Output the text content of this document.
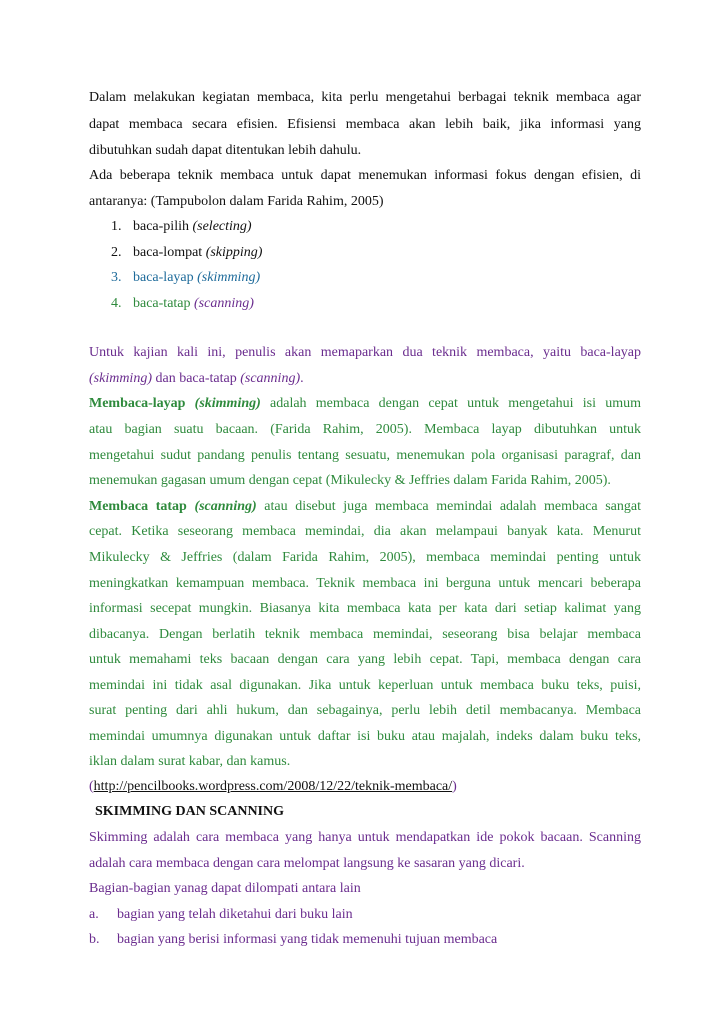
Dalam melakukan kegiatan membaca, kita perlu mengetahui berbagai teknik membaca agar
dapat membaca secara efisien. Efisiensi membaca akan lebih baik, jika informasi yang
dibutuhkan sudah dapat ditentukan lebih dahulu.
Ada beberapa teknik membaca untuk dapat menemukan informasi fokus dengan efisien, di
antaranya: (Tampubolon dalam Farida Rahim, 2005)
1. baca-pilih (selecting)
2. baca-lompat (skipping)
3. baca-layap (skimming)
4. baca-tatap (scanning)
Untuk kajian kali ini, penulis akan memaparkan dua teknik membaca, yaitu baca-layap
(skimming) dan baca-tatap (scanning).
Membaca-layap (skimming) adalah membaca dengan cepat untuk mengetahui isi umum
atau bagian suatu bacaan. (Farida Rahim, 2005). Membaca layap dibutuhkan untuk
mengetahui sudut pandang penulis tentang sesuatu, menemukan pola organisasi paragraf, dan
menemukan gagasan umum dengan cepat (Mikulecky & Jeffries dalam Farida Rahim, 2005).
Membaca tatap (scanning) atau disebut juga membaca memindai adalah membaca sangat
cepat. Ketika seseorang membaca memindai, dia akan melampaui banyak kata. Menurut
Mikulecky & Jeffries (dalam Farida Rahim, 2005), membaca memindai penting untuk
meningkatkan kemampuan membaca. Teknik membaca ini berguna untuk mencari beberapa
informasi secepat mungkin. Biasanya kita membaca kata per kata dari setiap kalimat yang
dibacanya. Dengan berlatih teknik membaca memindai, seseorang bisa belajar membaca
untuk memahami teks bacaan dengan cara yang lebih cepat. Tapi, membaca dengan cara
memindai ini tidak asal digunakan. Jika untuk keperluan untuk membaca buku teks, puisi,
surat penting dari ahli hukum, dan sebagainya, perlu lebih detil membacanya. Membaca
memindai umumnya digunakan untuk daftar isi buku atau majalah, indeks dalam buku teks,
iklan dalam surat kabar, dan kamus.
(http://pencilbooks.wordpress.com/2008/12/22/teknik-membaca/)
SKIMMING DAN SCANNING
Skimming adalah cara membaca yang hanya untuk mendapatkan ide pokok bacaan. Scanning
adalah cara membaca dengan cara melompat langsung ke sasaran yang dicari.
Bagian-bagian yanag dapat dilompati antara lain
a. bagian yang telah diketahui dari buku lain
b. bagian yang berisi informasi yang tidak memenuhi tujuan membaca
